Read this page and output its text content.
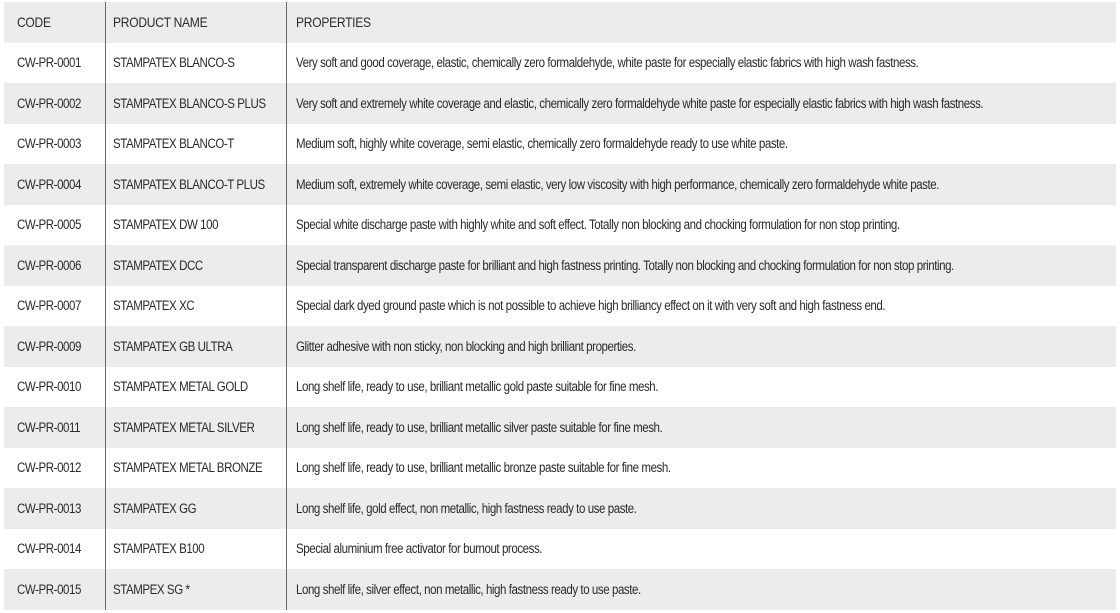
CODE	PRODUCT NAME	PROPERTIES
CW-PR-0001	STAMPATEX BLANCO-S	Very soft and good coverage, elastic, chemically zero formaldehyde, white paste for especially elastic fabrics with high wash fastness.
CW-PR-0002	STAMPATEX BLANCO-S PLUS	Very soft and extremely white coverage and elastic, chemically zero formaldehyde white paste for especially elastic fabrics with high wash fastness.
CW-PR-0003	STAMPATEX BLANCO-T	Medium soft, highly white coverage, semi elastic, chemically zero formaldehyde ready to use white paste.
CW-PR-0004	STAMPATEX BLANCO-T PLUS	Medium soft, extremely white coverage, semi elastic, very low viscosity with high performance, chemically zero formaldehyde white paste.
CW-PR-0005	STAMPATEX DW 100	Special white discharge paste with highly white and soft effect. Totally non blocking and chocking formulation for non stop printing.
CW-PR-0006	STAMPATEX DCC	Special transparent discharge paste for brilliant and high fastness printing. Totally non blocking and chocking formulation for non stop printing.
CW-PR-0007	STAMPATEX XC	Special dark dyed ground paste which is not possible to achieve high brilliancy effect on it with very soft and high fastness end.
CW-PR-0009	STAMPATEX GB ULTRA	Glitter adhesive with non sticky, non blocking and high brilliant properties.
CW-PR-0010	STAMPATEX METAL GOLD	Long shelf life, ready to use, brilliant metallic gold paste suitable for fine mesh.
CW-PR-0011	STAMPATEX METAL SILVER	Long shelf life, ready to use, brilliant metallic silver paste suitable for fine mesh.
CW-PR-0012	STAMPATEX METAL BRONZE	Long shelf life, ready to use, brilliant metallic bronze paste suitable for fine mesh.
CW-PR-0013	STAMPATEX GG	Long shelf life, gold effect, non metallic, high fastness ready to use paste.
CW-PR-0014	STAMPATEX B100	Special aluminium free activator for burnout process.
CW-PR-0015	STAMPEX SG *	Long shelf life, silver effect, non metallic, high fastness ready to use paste.
